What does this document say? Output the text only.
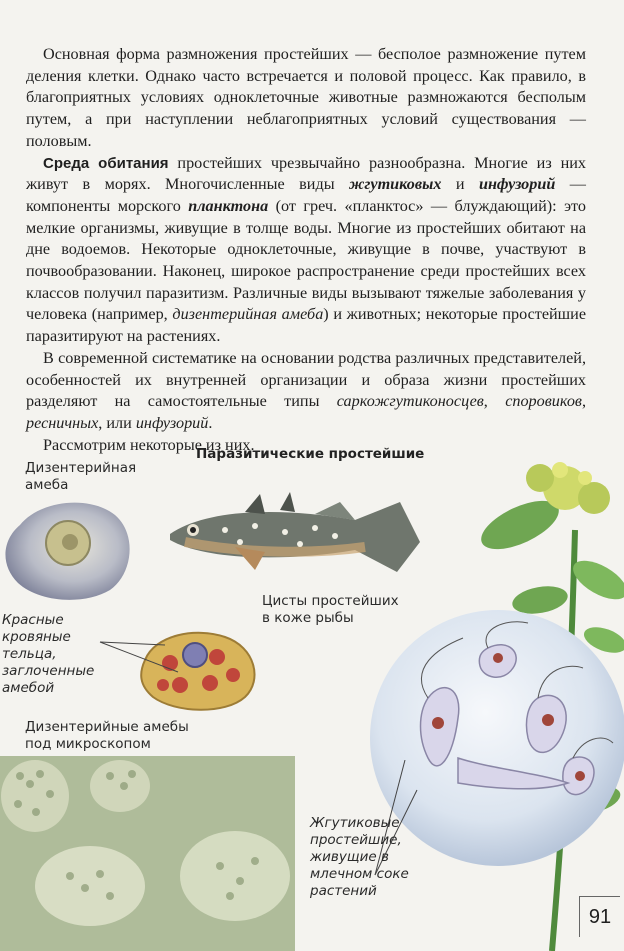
Основная форма размножения простейших — бесполое размножение путем деления клетки. Однако часто встречается и половой процесс. Как правило, в благоприятных условиях одноклеточные животные размножаются бесполым путем, а при наступлении неблагоприятных условий существования — половым.

Среда обитания простейших чрезвычайно разнообразна. Многие из них живут в морях. Многочисленные виды жгутиковых и инфузорий — компоненты морского планктона (от греч. «планктос» — блуждающий): это мелкие организмы, живущие в толще воды. Многие из простейших обитают на дне водоемов. Некоторые одноклеточные, живущие в почве, участвуют в почвообразовании. Наконец, широкое распространение среди простейших всех классов получил паразитизм. Различные виды вызывают тяжелые заболевания у человека (например, дизентерийная амеба) и животных; некоторые простейшие паразитируют на растениях.

В современной систематике на основании родства различных представителей, особенностей их внутренней организации и образа жизни простейших разделяют на самостоятельные типы саркожгутиконосцев, споровиков, ресничных, или инфузорий.

Рассмотрим некоторые из них.

Паразитические простейшие
Дизентерийная амеба
Цисты простейших в коже рыбы
Красные кровяные тельца, заглоченные амебой
Дизентерийные амебы под микроскопом
Жгутиковые простейшие, живущие в млечном соке растений
91
